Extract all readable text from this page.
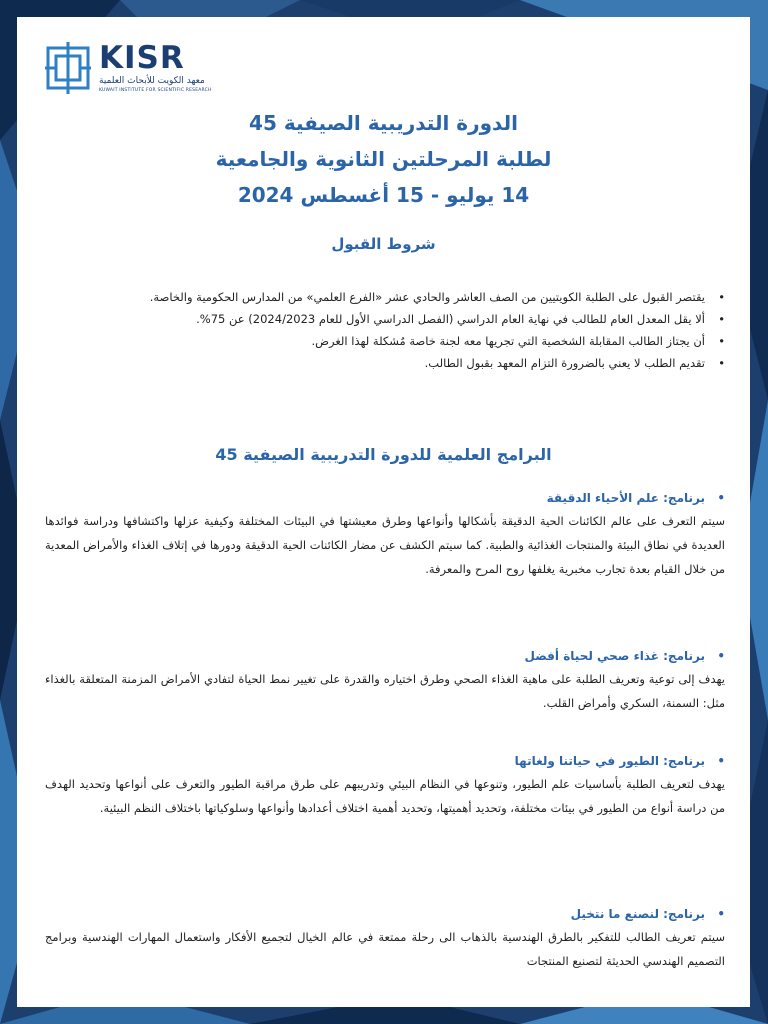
KISR
معهد الكويت للأبحاث العلمية
KUWAIT INSTITUTE FOR SCIENTIFIC RESEARCH
الدورة التدريبية الصيفية 45
لطلبة المرحلتين الثانوية والجامعية
14 يوليو - 15 أغسطس 2024
شروط القبول
• يقتصر القبول على الطلبة الكويتيين من الصف العاشر والحادي عشر «الفرع العلمي» من المدارس الحكومية والخاصة.
• ألا يقل المعدل العام للطالب في نهاية العام الدراسي (الفصل الدراسي الأول للعام 2024/2023) عن 75%.
• أن يجتاز الطالب المقابلة الشخصية التي تجريها معه لجنة خاصة مُشكلة لهذا الغرض.
• تقديم الطلب لا يعني بالضرورة التزام المعهد بقبول الطالب.
البرامج العلمية للدورة التدريبية الصيفية 45
• برنامج: علم الأحياء الدقيقة
سيتم التعرف على عالم الكائنات الحية الدقيقة بأشكالها وأنواعها وطرق معيشتها في البيئات المختلفة وكيفية عزلها واكتشافها ودراسة فوائدها العديدة في نطاق البيئة والمنتجات الغذائية والطبية. كما سيتم الكشف عن مضار الكائنات الحية الدقيقة ودورها في إتلاف الغذاء والأمراض المعدية من خلال القيام بعدة تجارب مخبرية يغلفها روح المرح والمعرفة.
• برنامج: غذاء صحي لحياة أفضل
يهدف إلى توعية وتعريف الطلبة على ماهية الغذاء الصحي وطرق اختياره والقدرة على تغيير نمط الحياة لتفادي الأمراض المزمنة المتعلقة بالغذاء مثل: السمنة، السكري وأمراض القلب.
• برنامج: الطيور في حياتنا ولغاتها
يهدف لتعريف الطلبة بأساسيات علم الطيور، وتنوعها في النظام البيئي وتدريبهم على طرق مراقبة الطيور والتعرف على أنواعها وتحديد الهدف من دراسة أنواع من الطيور في بيئات مختلفة، وتحديد أهميتها، وتحديد أهمية اختلاف أعدادها وأنواعها وسلوكياتها باختلاف النظم البيئية.
• برنامج: لنصنع ما نتخيل
سيتم تعريف الطالب للتفكير بالطرق الهندسية بالذهاب الى رحلة ممتعة في عالم الخيال لتجميع الأفكار واستعمال المهارات الهندسية وبرامج التصميم الهندسي الحديثة لتصنيع المنتجات
